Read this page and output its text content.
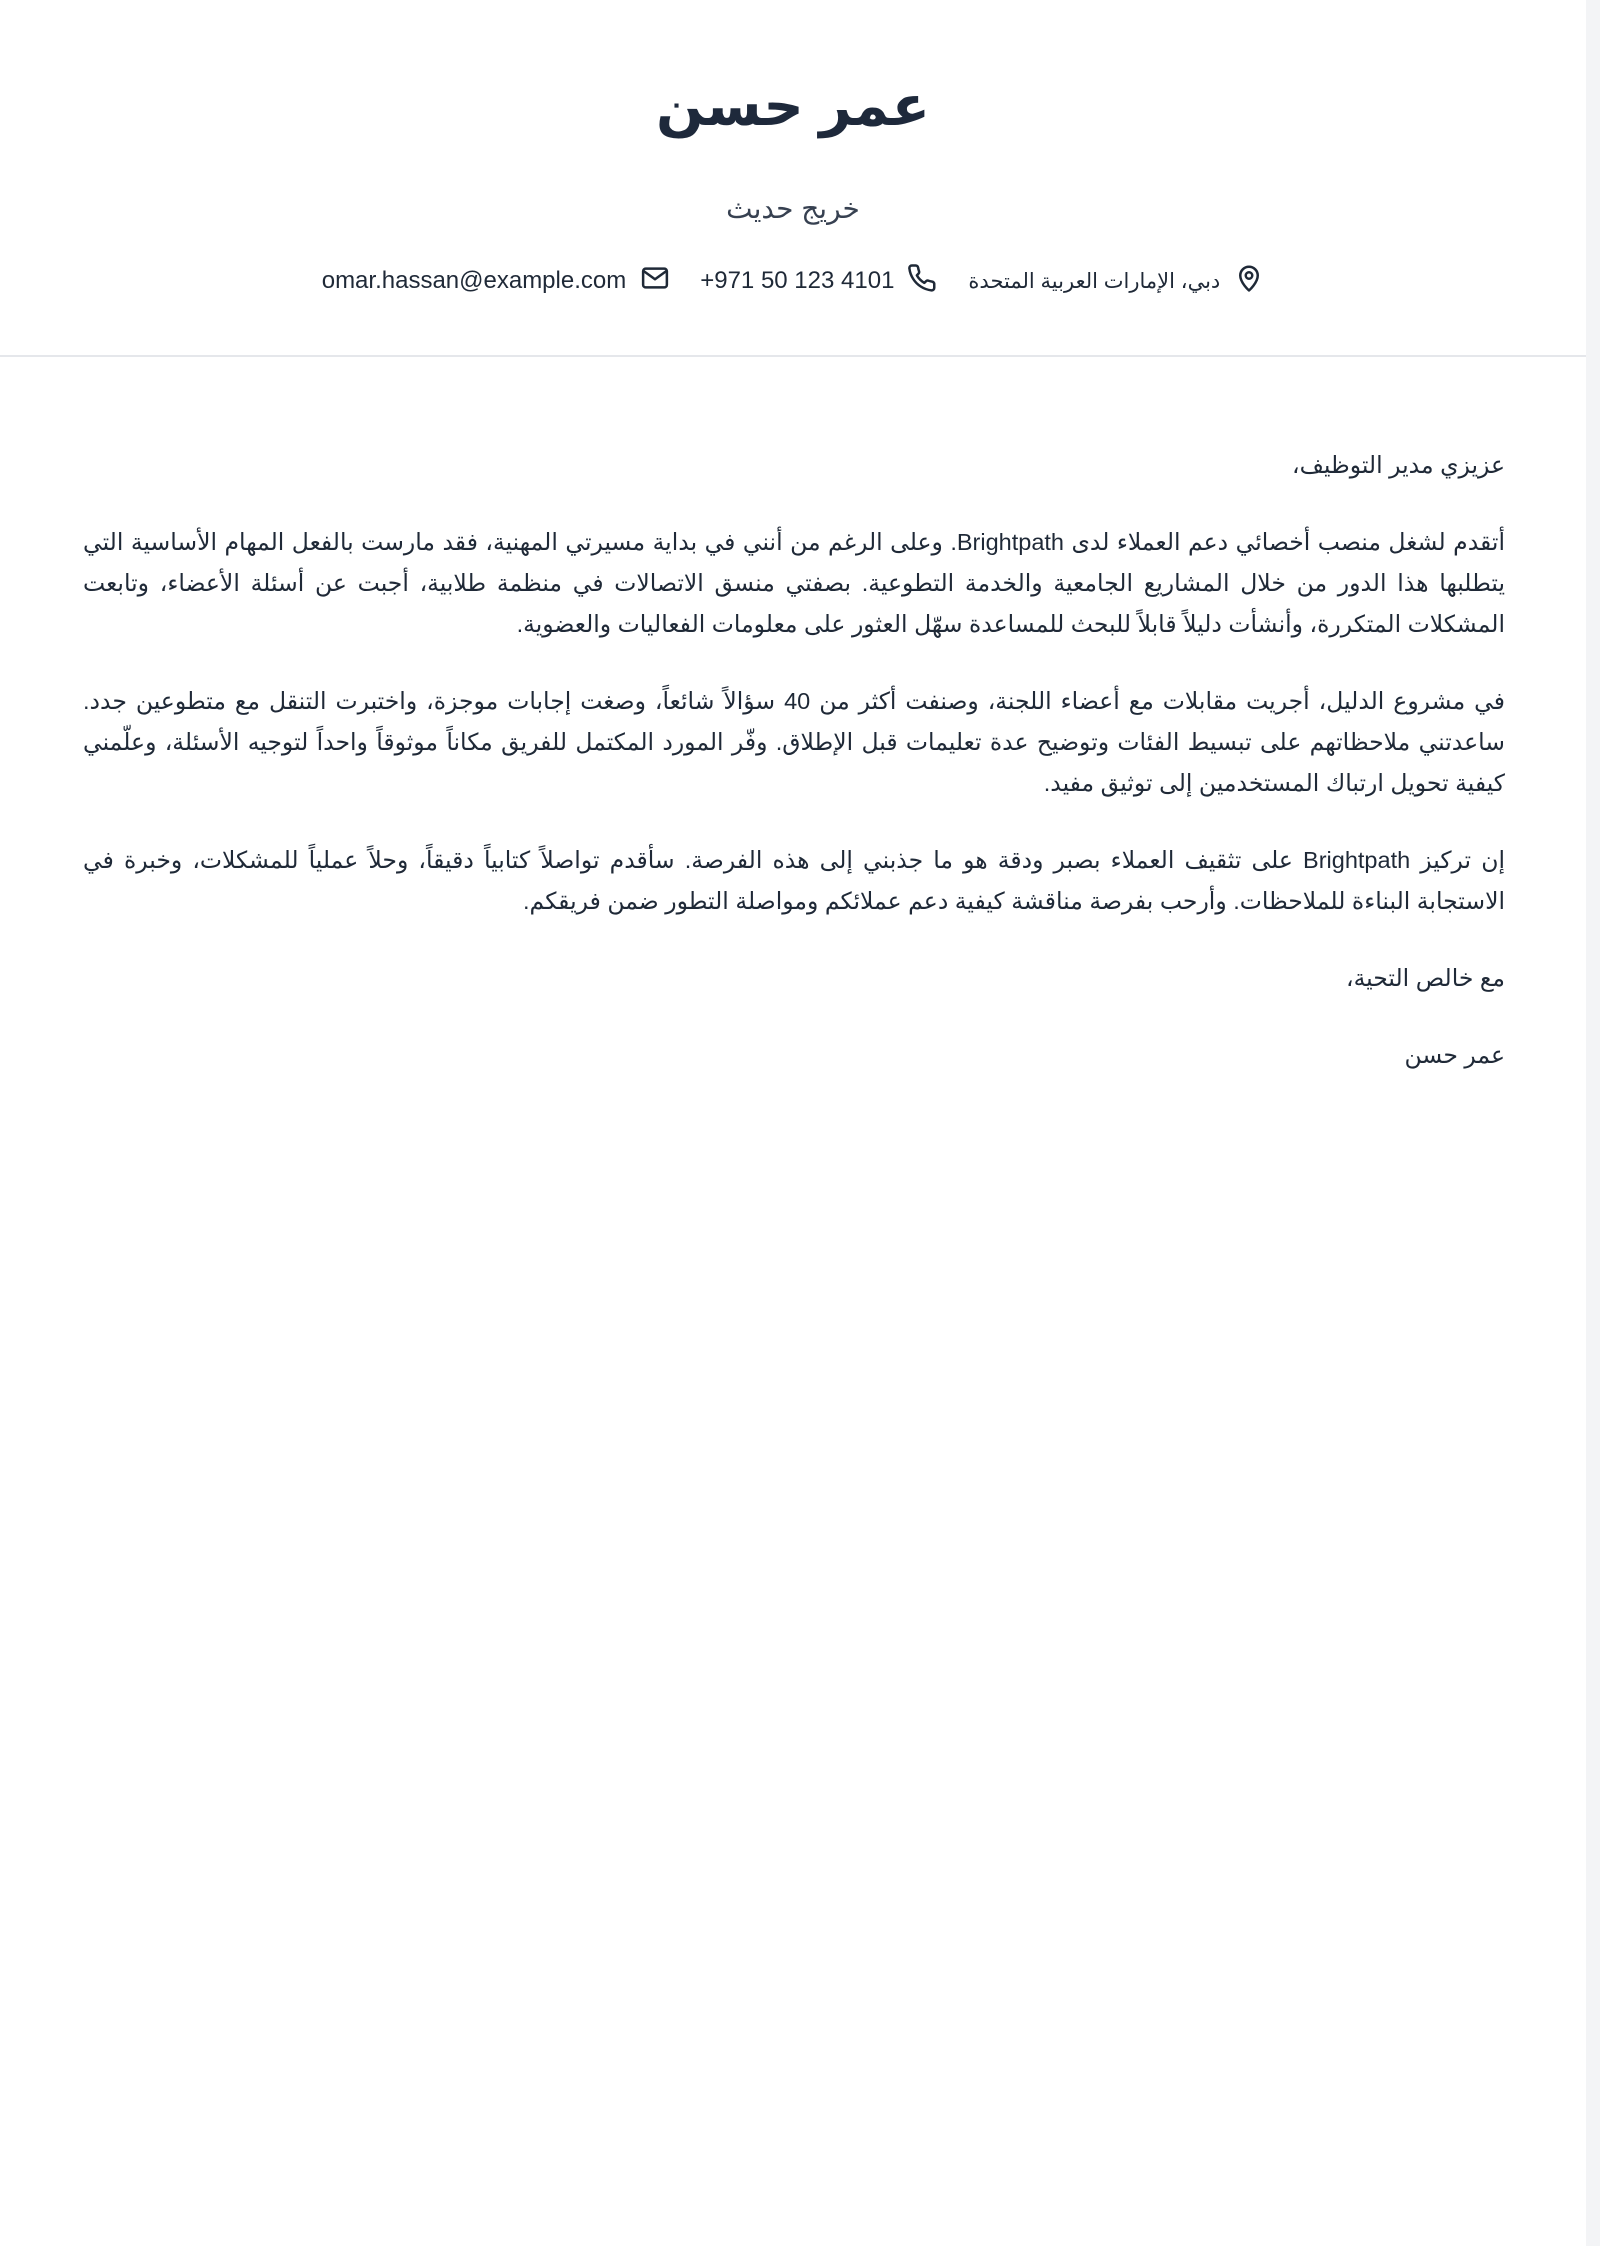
عمر حسن
خريج حديث
دبي، الإمارات العربية المتحدة
+971 50 123 4101
omar.hassan@example.com

عزيزي مدير التوظيف،

أتقدم لشغل منصب أخصائي دعم العملاء لدى Brightpath. وعلى الرغم من أنني في بداية مسيرتي المهنية، فقد مارست بالفعل المهام الأساسية التي يتطلبها هذا الدور من خلال المشاريع الجامعية والخدمة التطوعية. بصفتي منسق الاتصالات في منظمة طلابية، أجبت عن أسئلة الأعضاء، وتابعت المشكلات المتكررة، وأنشأت دليلاً قابلاً للبحث للمساعدة سهّل العثور على معلومات الفعاليات والعضوية.

في مشروع الدليل، أجريت مقابلات مع أعضاء اللجنة، وصنفت أكثر من 40 سؤالاً شائعاً، وصغت إجابات موجزة، واختبرت التنقل مع متطوعين جدد. ساعدتني ملاحظاتهم على تبسيط الفئات وتوضيح عدة تعليمات قبل الإطلاق. وفّر المورد المكتمل للفريق مكاناً موثوقاً واحداً لتوجيه الأسئلة، وعلّمني كيفية تحويل ارتباك المستخدمين إلى توثيق مفيد.

إن تركيز Brightpath على تثقيف العملاء بصبر ودقة هو ما جذبني إلى هذه الفرصة. سأقدم تواصلاً كتابياً دقيقاً، وحلاً عملياً للمشكلات، وخبرة في الاستجابة البناءة للملاحظات. وأرحب بفرصة مناقشة كيفية دعم عملائكم ومواصلة التطور ضمن فريقكم.

مع خالص التحية،

عمر حسن
